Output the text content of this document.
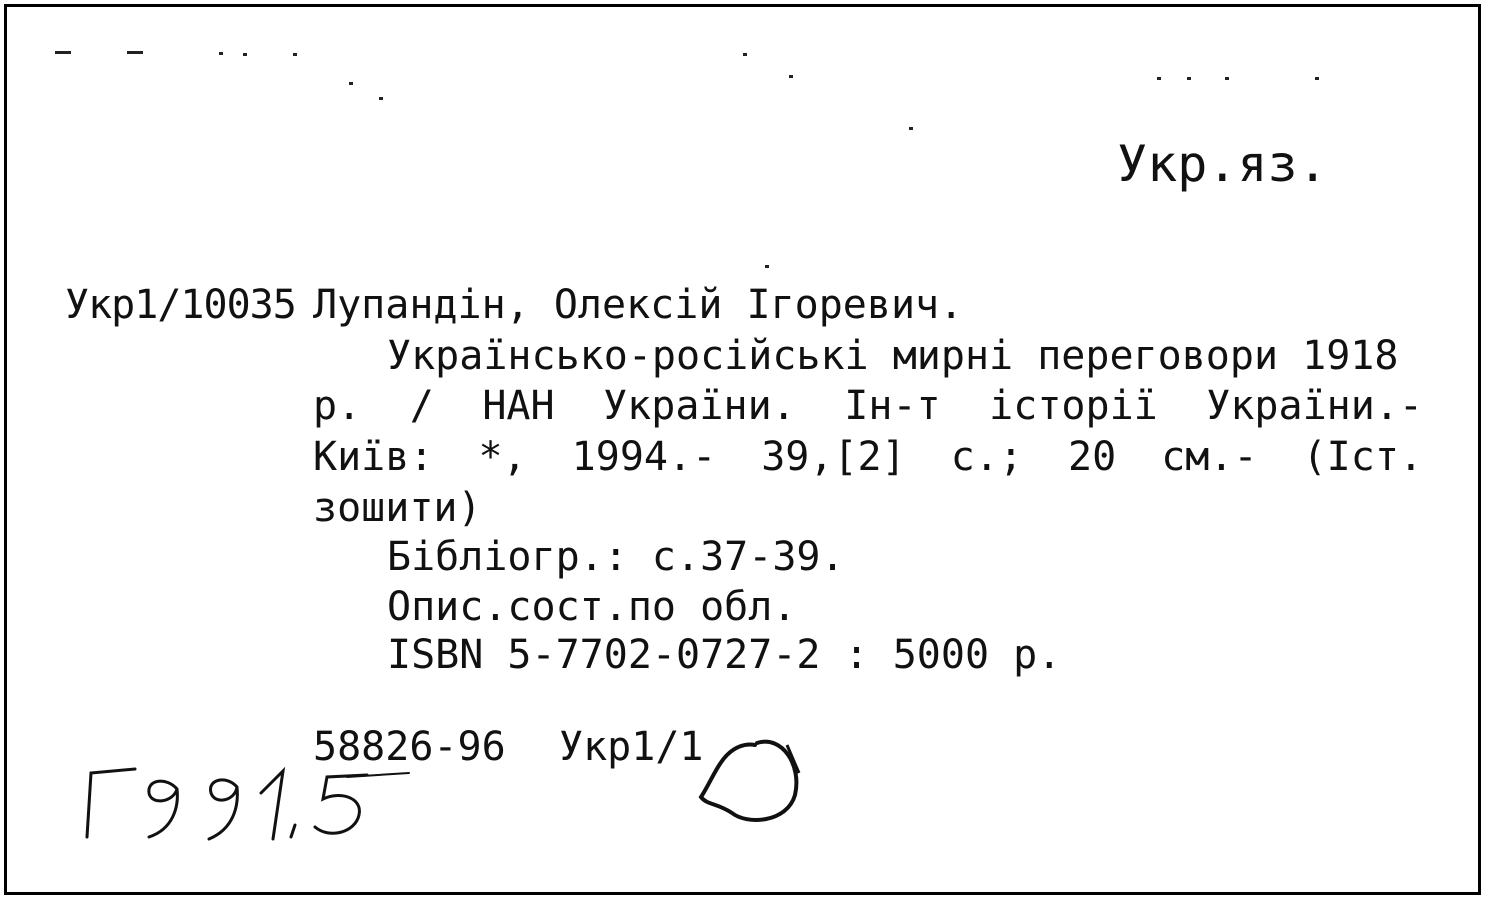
Укр.яз.
Укр1/10035 Лупандін, Олексій Ігоревич.
Українсько-російські мирні переговори 1918
р. / НАН України. Ін-т історії України.-
Київ: *, 1994.- 39,[2] с.; 20 см.- (Іст.
зошити)
Бібліогр.: с.37-39.
Опис.сост.по обл.
ISBN 5-7702-0727-2 : 5000 р.
58826-96 Укр1/1
